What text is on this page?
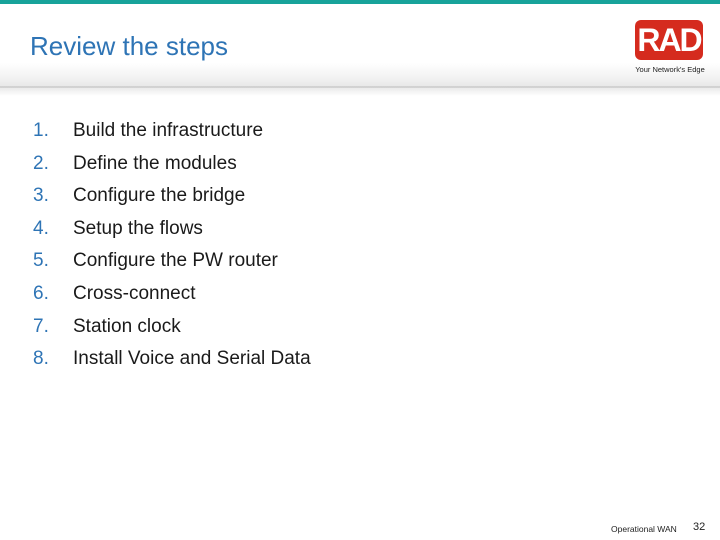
Review the steps	RAD
Your Network's Edge
1. Build the infrastructure
2. Define the modules
3. Configure the bridge
4. Setup the flows
5. Configure the PW router
6. Cross-connect
7. Station clock
8. Install Voice and Serial Data
Operational WAN 32
